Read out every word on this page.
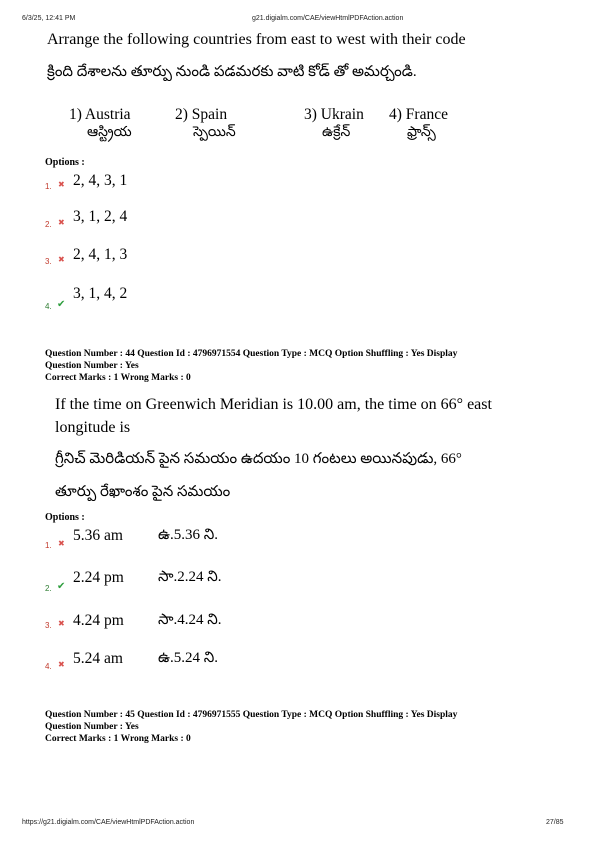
6/3/25, 12:41 PM	g21.digialm.com/CAE/viewHtmlPDFAction.action
Arrange the following countries from east to west with their code
క్రింది దేశాలను తూర్పు నుండి పడమరకు వాటి కోడ్ తో అమర్చండి.
1) Austria
ఆస్ట్రియ
2) Spain
స్పెయిన్
3) Ukrain
ఉక్రేన్
4) France
ఫ్రాన్స్
Options :
1. ✖ 2, 4, 3, 1
2. ✖ 3, 1, 2, 4
3. ✖ 2, 4, 1, 3
4. ✔
3, 1, 4, 2
Question Number : 44 Question Id : 4796971554 Question Type : MCQ Option Shuffling : Yes Display
Question Number : Yes
Correct Marks : 1 Wrong Marks : 0
If the time on Greenwich Meridian is 10.00 am, the time on 66° east
longitude is
గ్రీనిచ్ మెరిడియన్ పైన సమయం ఉదయం 10 గంటలు అయినపుడు, 66°
తూర్పు రేఖాంశం పైన సమయం
Options :
1. ✖ 5.36 am ఉ.5.36 ని.
2. ✔
2.24 pm సా.2.24 ని.
3. ✖ 4.24 pm సా.4.24 ని.
4. ✖ 5.24 am ఉ.5.24 ని.
Question Number : 45 Question Id : 4796971555 Question Type : MCQ Option Shuffling : Yes Display
Question Number : Yes
Correct Marks : 1 Wrong Marks : 0
https://g21.digialm.com/CAE/viewHtmlPDFAction.action	27/85
